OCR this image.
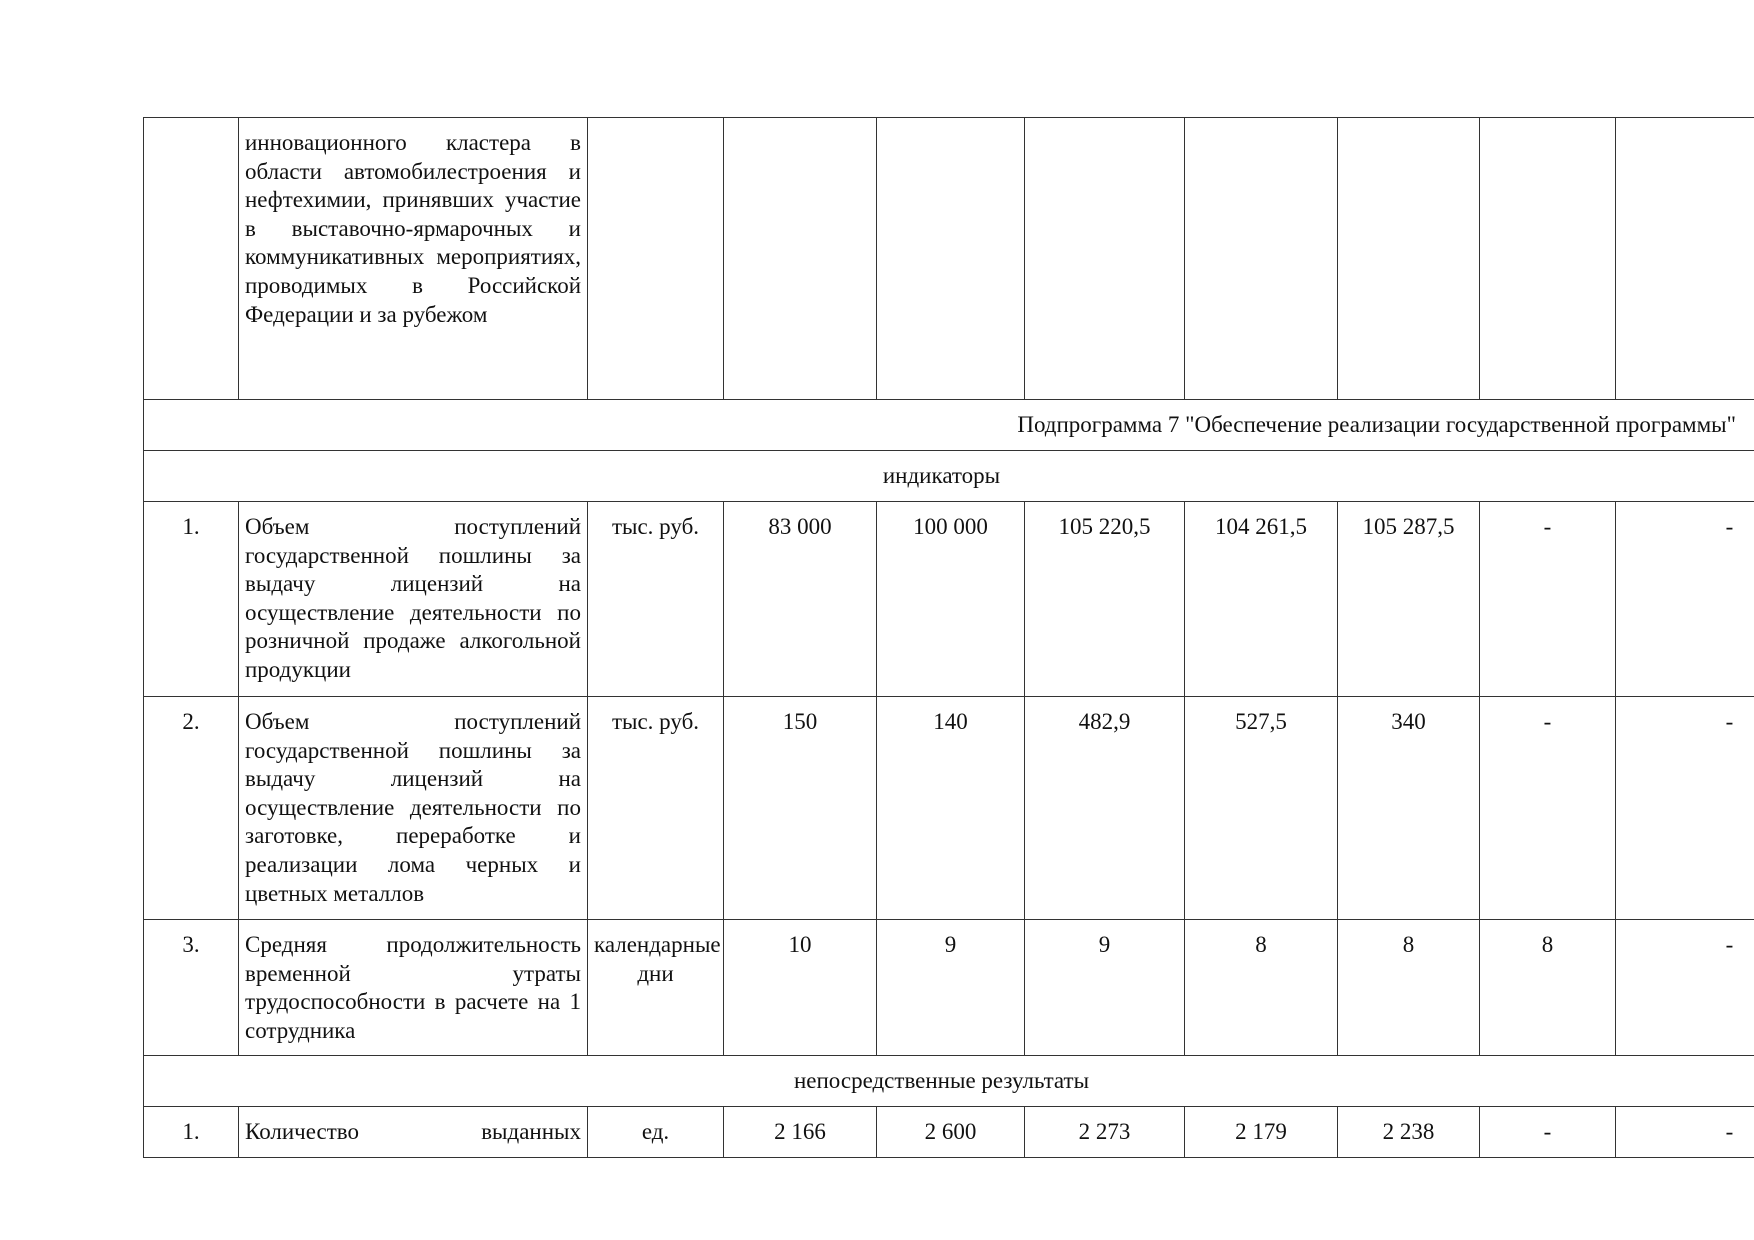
	инновационного кластера в области автомобилестроения и нефтехимии, принявших участие в выставочно-ярмарочных и коммуникативных мероприятиях, проводимых в Российской Федерации и за рубежом								

Подпрограмма 7 "Обеспечение реализации государственной программы"									

индикаторы									

1.	Объем поступлений государственной пошлины за выдачу лицензий на осуществление деятельности по розничной продаже алкогольной продукции	тыс. руб.	83 000	100 000	105 220,5	104 261,5	105 287,5	-	-
2.	Объем поступлений государственной пошлины за выдачу лицензий на осуществление деятельности по заготовке, переработке и реализации лома черных и цветных металлов	тыс. руб.	150	140	482,9	527,5	340	-	-
3.	Средняя продолжительность временной утраты трудоспособности в расчете на 1 сотрудника	календарные дни	10	9	9	8	8	8	-

непосредственные результаты									

1.	Количество выданных	ед.	2 166	2 600	2 273	2 179	2 238	-	-
